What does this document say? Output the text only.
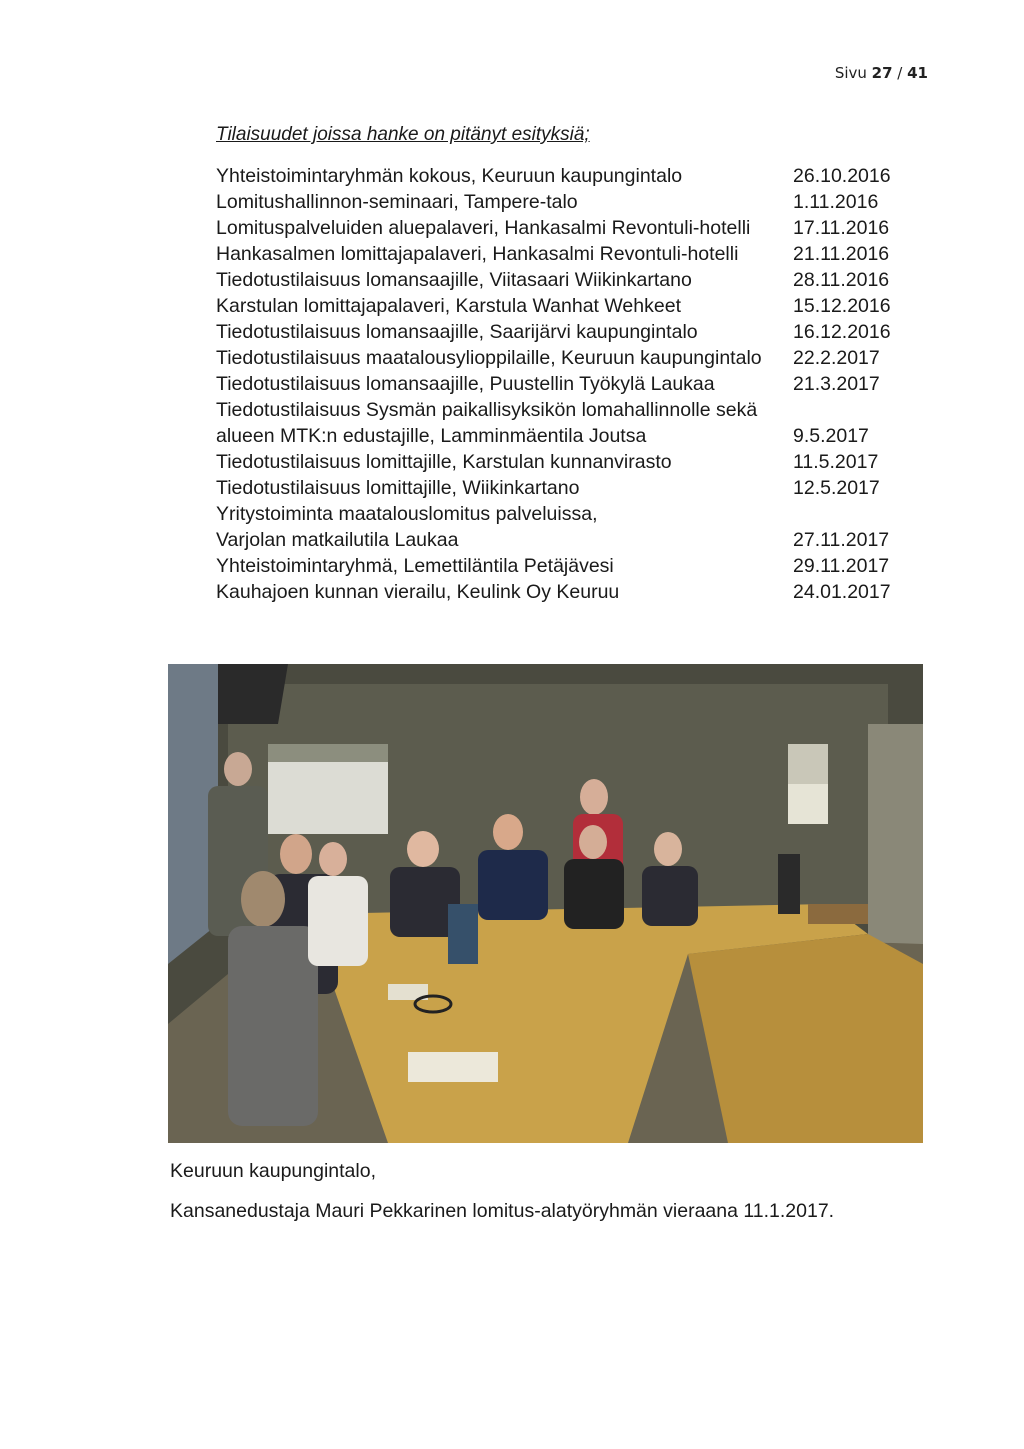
Sivu 27 / 41
Tilaisuudet joissa hanke on pitänyt esityksiä;
Yhteistoimintaryhmän kokous, Keuruun kaupungintalo	26.10.2016
Lomitushallinnon-seminaari, Tampere-talo	1.11.2016
Lomituspalveluiden aluepalaveri, Hankasalmi Revontuli-hotelli	17.11.2016
Hankasalmen lomittajapalaveri, Hankasalmi Revontuli-hotelli	21.11.2016
Tiedotustilaisuus lomansaajille, Viitasaari Wiikinkartano	28.11.2016
Karstulan lomittajapalaveri, Karstula Wanhat Wehkeet	15.12.2016
Tiedotustilaisuus lomansaajille, Saarijärvi kaupungintalo	16.12.2016
Tiedotustilaisuus maatalousylioppilaille, Keuruun kaupungintalo	22.2.2017
Tiedotustilaisuus lomansaajille, Puustellin Työkylä Laukaa	21.3.2017
Tiedotustilaisuus Sysmän paikallisyksikön lomahallinnolle sekä
alueen MTK:n edustajille, Lamminmäentila Joutsa	9.5.2017
Tiedotustilaisuus lomittajille, Karstulan kunnanvirasto	11.5.2017
Tiedotustilaisuus lomittajille, Wiikinkartano	12.5.2017
Yritystoiminta maatalouslomitus palveluissa,
Varjolan matkailutila Laukaa	27.11.2017
Yhteistoimintaryhmä, Lemettiläntila Petäjävesi	29.11.2017
Kauhajoen kunnan vierailu, Keulink Oy Keuruu	24.01.2017
Keuruun kaupungintalo,
Kansanedustaja Mauri Pekkarinen lomitus-alatyöryhmän vieraana 11.1.2017.
